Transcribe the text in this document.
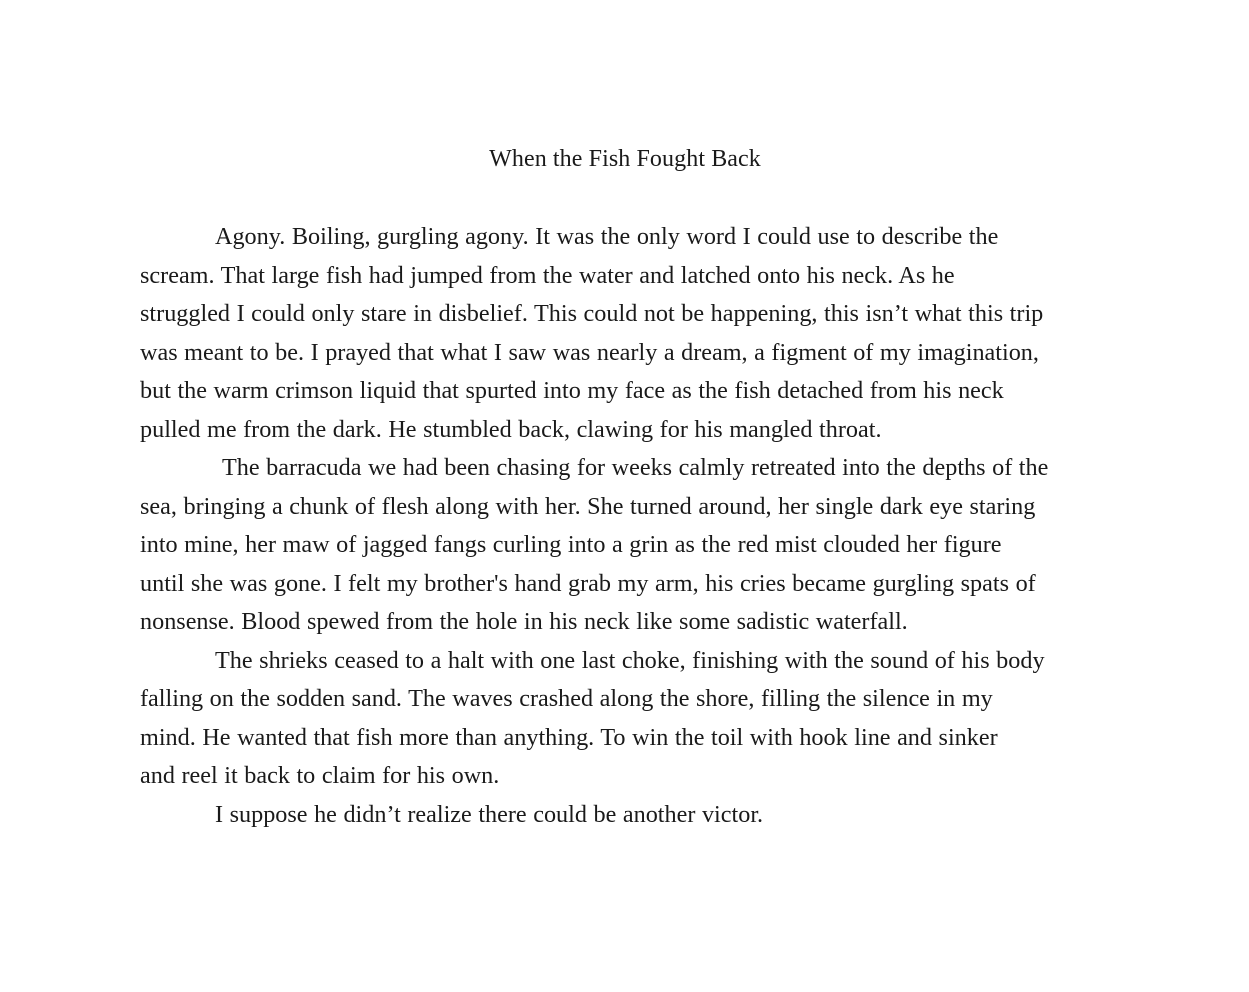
When the Fish Fought Back
Agony. Boiling, gurgling agony. It was the only word I could use to describe the
scream. That large fish had jumped from the water and latched onto his neck. As he
struggled I could only stare in disbelief. This could not be happening, this isn’t what this trip
was meant to be. I prayed that what I saw was nearly a dream, a figment of my imagination,
but the warm crimson liquid that spurted into my face as the fish detached from his neck
pulled me from the dark. He stumbled back, clawing for his mangled throat.
The barracuda we had been chasing for weeks calmly retreated into the depths of the
sea, bringing a chunk of flesh along with her. She turned around, her single dark eye staring
into mine, her maw of jagged fangs curling into a grin as the red mist clouded her figure
until she was gone. I felt my brother's hand grab my arm, his cries became gurgling spats of
nonsense. Blood spewed from the hole in his neck like some sadistic waterfall.
The shrieks ceased to a halt with one last choke, finishing with the sound of his body
falling on the sodden sand. The waves crashed along the shore, filling the silence in my
mind. He wanted that fish more than anything. To win the toil with hook line and sinker
and reel it back to claim for his own.
I suppose he didn’t realize there could be another victor.
